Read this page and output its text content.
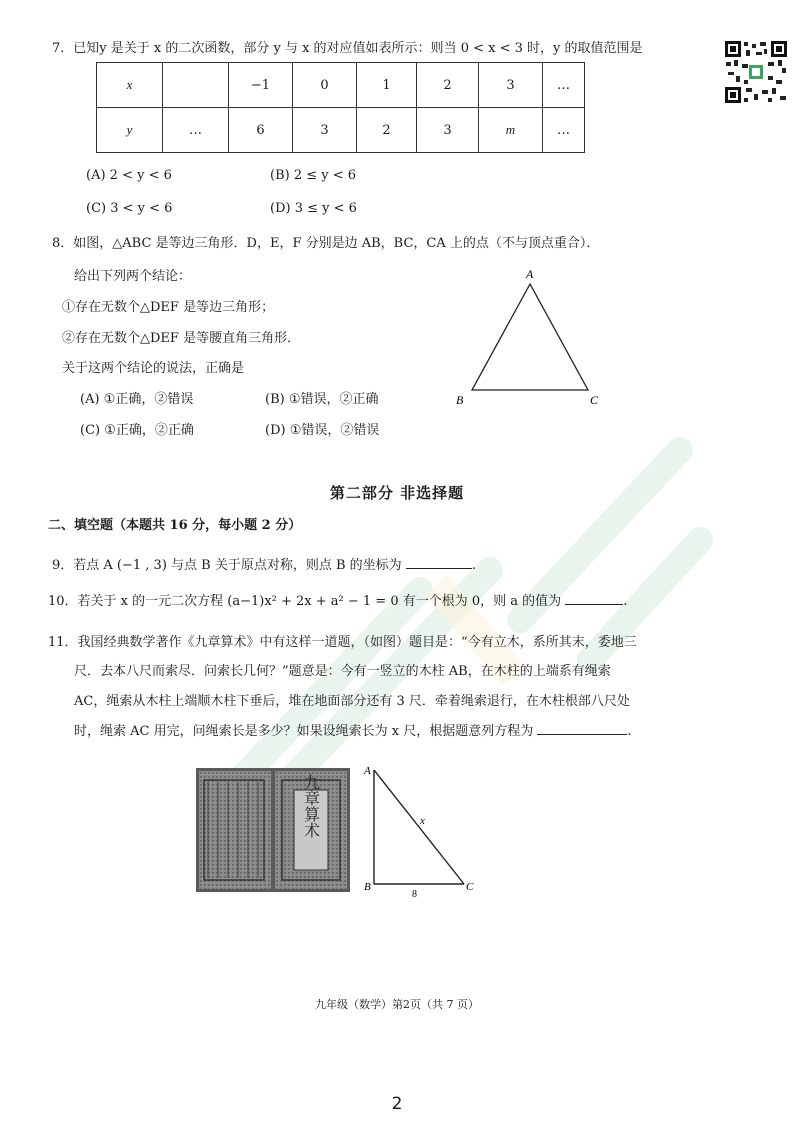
7．已知y 是关于 x 的二次函数，部分 y 与 x 的对应值如表所示：则当 0 < x < 3 时，y 的取值范围是
x		−1	0	1	2	3	…
y	…	6	3	2	3	m	…
(A) 2 < y < 6	(B) 2 ≤ y < 6
(C) 3 < y < 6	(D) 3 ≤ y < 6
8．如图，△ABC 是等边三角形．D，E，F 分别是边 AB，BC，CA 上的点（不与顶点重合）．
给出下列两个结论：
①存在无数个△DEF 是等边三角形；
②存在无数个△DEF 是等腰直角三角形．
关于这两个结论的说法，正确是
(A) ①正确，②错误	(B) ①错误，②正确
(C) ①正确，②正确	(D) ①错误，②错误
A
B	C
第二部分 非选择题
二、填空题（本题共 16 分，每小题 2 分）
9．若点 A (−1 , 3) 与点 B 关于原点对称，则点 B 的坐标为	.
10．若关于 x 的一元二次方程 (a−1)x² + 2x + a² − 1 = 0 有一个根为 0，则 a 的值为	.
11．我国经典数学著作《九章算术》中有这样一道题，（如图）题目是：“今有立木，系所其末，委地三
尺．去本八尺而索尽．问索长几何？”题意是：今有一竖立的木柱 AB，在木柱的上端系有绳索
AC，绳索从木柱上端顺木柱下垂后，堆在地面部分还有 3 尺．牵着绳索退行，在木柱根部八尺处
时，绳索 AC 用完，问绳索长是多少？如果设绳索长为 x 尺，根据题意列方程为	.
九章算术
A
B	C
x
8
九年级（数学）第2页（共 7 页）
2
